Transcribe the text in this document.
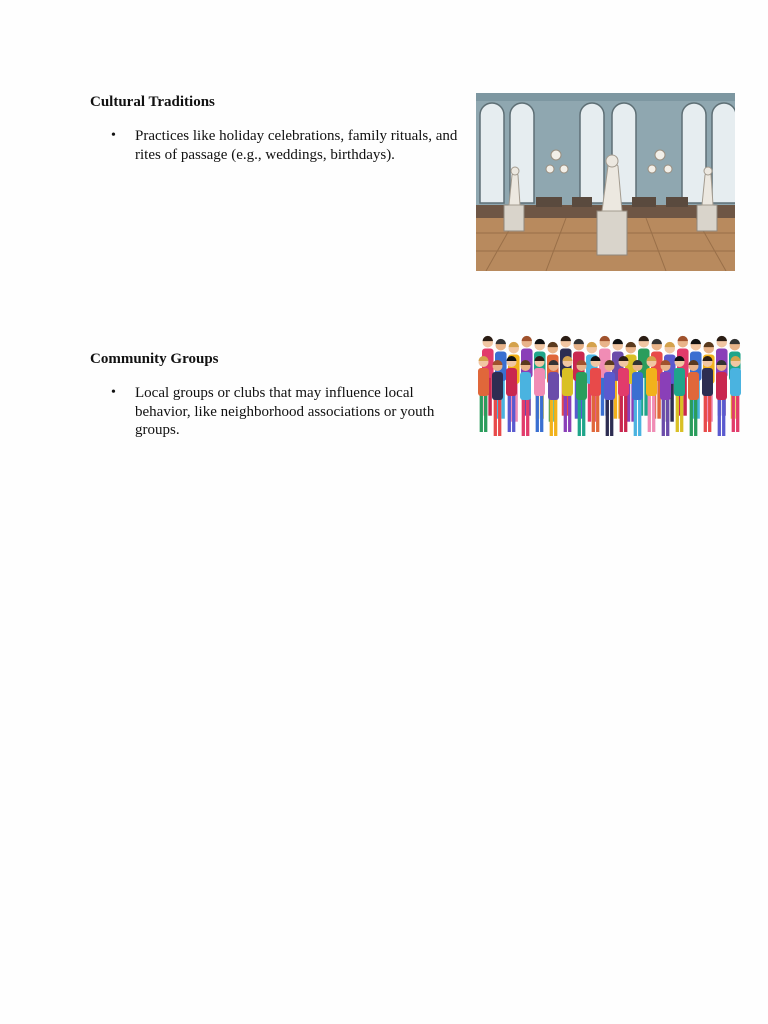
Cultural Traditions

• Practices like holiday celebrations, family rituals, and rites of passage (e.g., weddings, birthdays).

Community Groups

• Local groups or clubs that may influence local behavior, like neighborhood associations or youth groups.
